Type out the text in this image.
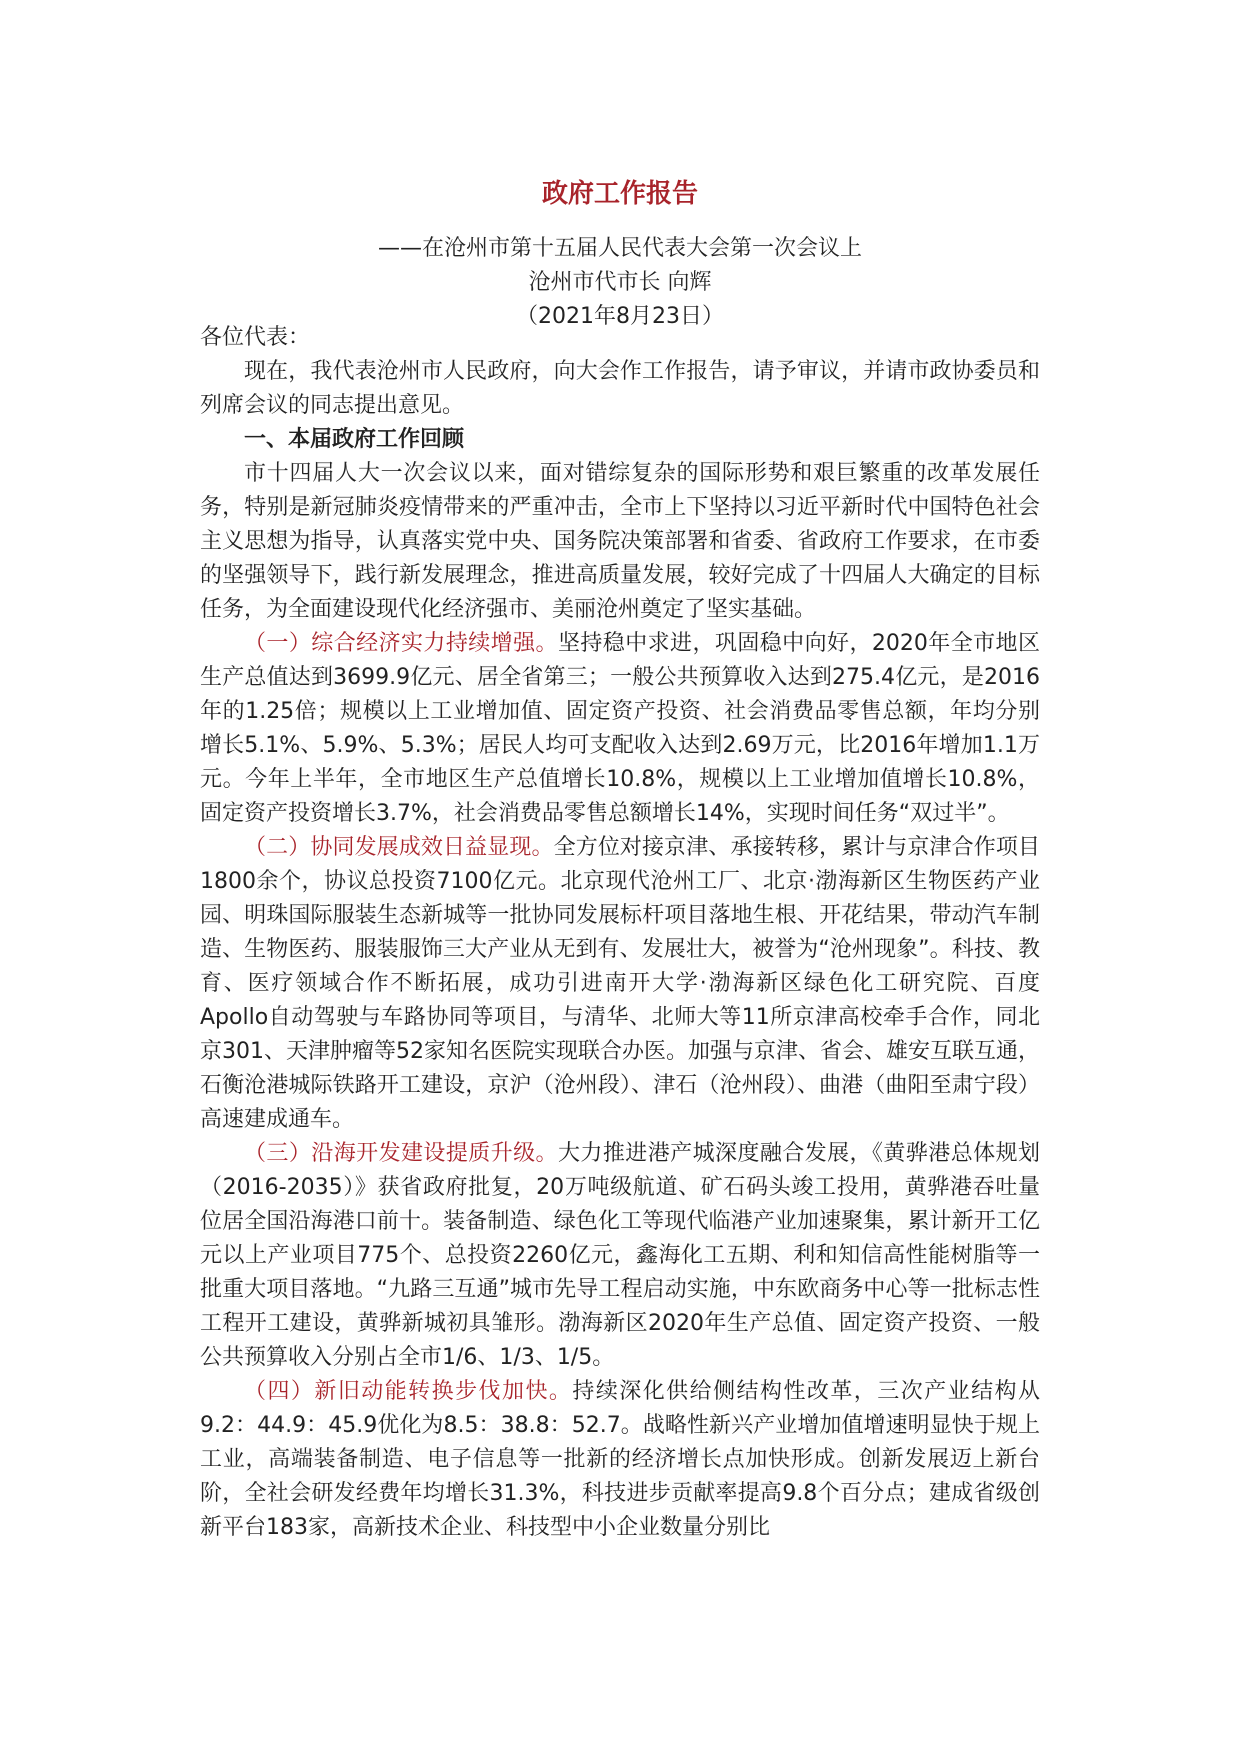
政府工作报告

——在沧州市第十五届人民代表大会第一次会议上

沧州市代市长 向辉

（2021年8月23日）

各位代表：

现在，我代表沧州市人民政府，向大会作工作报告，请予审议，并请市政协委员和列席会议的同志提出意见。

一、本届政府工作回顾

市十四届人大一次会议以来，面对错综复杂的国际形势和艰巨繁重的改革发展任务，特别是新冠肺炎疫情带来的严重冲击，全市上下坚持以习近平新时代中国特色社会主义思想为指导，认真落实党中央、国务院决策部署和省委、省政府工作要求，在市委的坚强领导下，践行新发展理念，推进高质量发展，较好完成了十四届人大确定的目标任务，为全面建设现代化经济强市、美丽沧州奠定了坚实基础。

（一）综合经济实力持续增强。坚持稳中求进，巩固稳中向好，2020年全市地区生产总值达到3699.9亿元、居全省第三；一般公共预算收入达到275.4亿元，是2016年的1.25倍；规模以上工业增加值、固定资产投资、社会消费品零售总额，年均分别增长5.1%、5.9%、5.3%；居民人均可支配收入达到2.69万元，比2016年增加1.1万元。今年上半年，全市地区生产总值增长10.8%，规模以上工业增加值增长10.8%，固定资产投资增长3.7%，社会消费品零售总额增长14%，实现时间任务“双过半”。

（二）协同发展成效日益显现。全方位对接京津、承接转移，累计与京津合作项目1800余个，协议总投资7100亿元。北京现代沧州工厂、北京·渤海新区生物医药产业园、明珠国际服装生态新城等一批协同发展标杆项目落地生根、开花结果，带动汽车制造、生物医药、服装服饰三大产业从无到有、发展壮大，被誉为“沧州现象”。科技、教育、医疗领域合作不断拓展，成功引进南开大学·渤海新区绿色化工研究院、百度Apollo自动驾驶与车路协同等项目，与清华、北师大等11所京津高校牵手合作，同北京301、天津肿瘤等52家知名医院实现联合办医。加强与京津、省会、雄安互联互通，石衡沧港城际铁路开工建设，京沪（沧州段）、津石（沧州段）、曲港（曲阳至肃宁段）高速建成通车。

（三）沿海开发建设提质升级。大力推进港产城深度融合发展，《黄骅港总体规划（2016-2035）》获省政府批复，20万吨级航道、矿石码头竣工投用，黄骅港吞吐量位居全国沿海港口前十。装备制造、绿色化工等现代临港产业加速聚集，累计新开工亿元以上产业项目775个、总投资2260亿元，鑫海化工五期、利和知信高性能树脂等一批重大项目落地。“九路三互通”城市先导工程启动实施，中东欧商务中心等一批标志性工程开工建设，黄骅新城初具雏形。渤海新区2020年生产总值、固定资产投资、一般公共预算收入分别占全市1/6、1/3、1/5。

（四）新旧动能转换步伐加快。持续深化供给侧结构性改革，三次产业结构从9.2：44.9：45.9优化为8.5：38.8：52.7。战略性新兴产业增加值增速明显快于规上工业，高端装备制造、电子信息等一批新的经济增长点加快形成。创新发展迈上新台阶，全社会研发经费年均增长31.3%，科技进步贡献率提高9.8个百分点；建成省级创新平台183家，高新技术企业、科技型中小企业数量分别比
